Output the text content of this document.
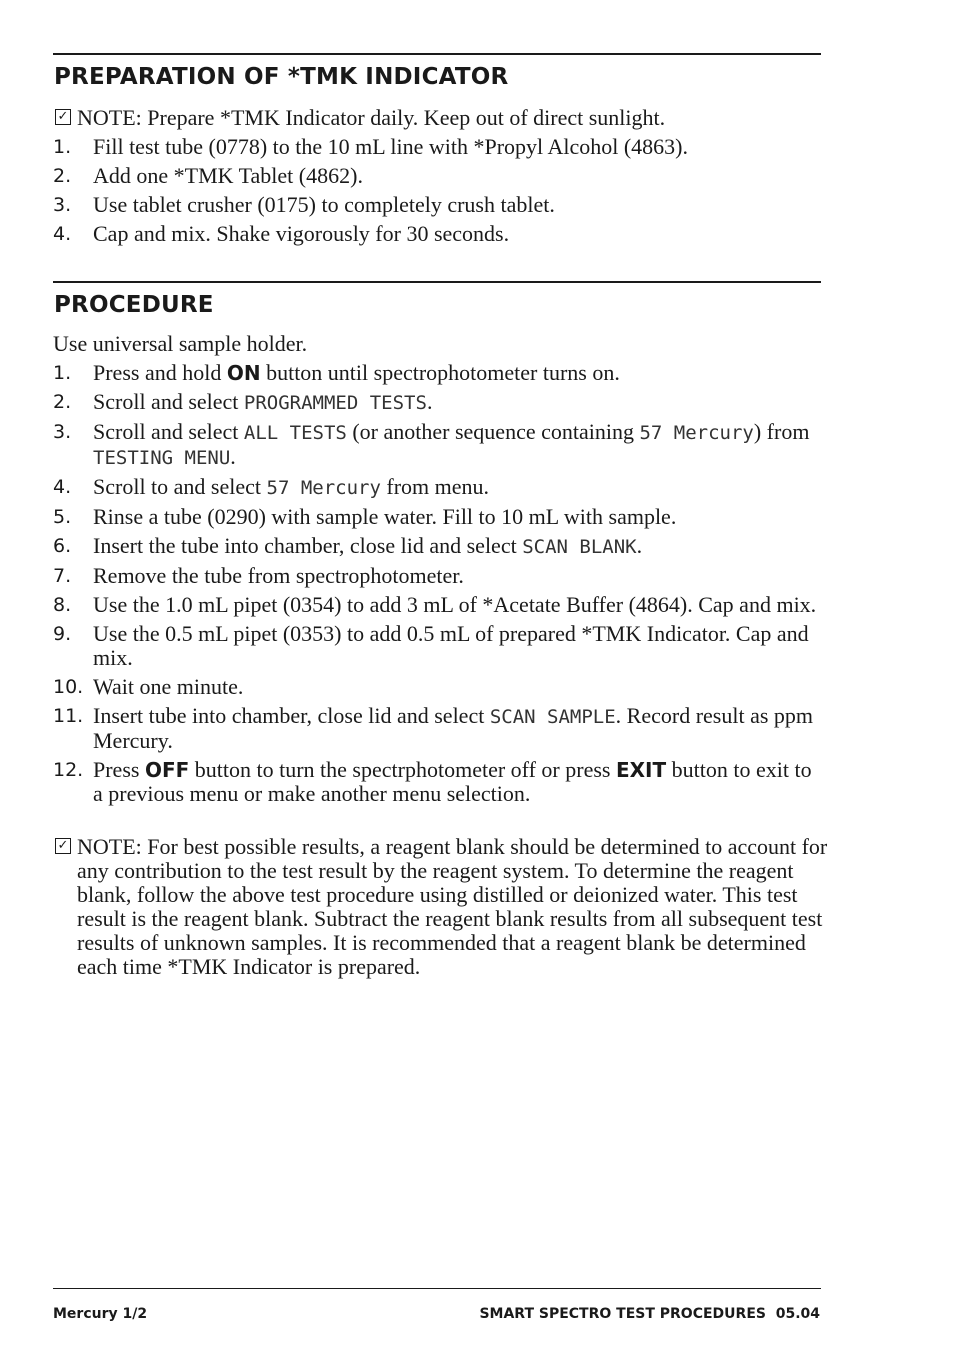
PREPARATION OF *TMK INDICATOR
✓ NOTE: Prepare *TMK Indicator daily. Keep out of direct sunlight.
1. Fill test tube (0778) to the 10 mL line with *Propyl Alcohol (4863).
2. Add one *TMK Tablet (4862).
3. Use tablet crusher (0175) to completely crush tablet.
4. Cap and mix. Shake vigorously for 30 seconds.
PROCEDURE
Use universal sample holder.
1. Press and hold ON button until spectrophotometer turns on.
2. Scroll and select PROGRAMMED TESTS.
3. Scroll and select ALL TESTS (or another sequence containing 57 Mercury) from TESTING MENU.
4. Scroll to and select 57 Mercury from menu.
5. Rinse a tube (0290) with sample water. Fill to 10 mL with sample.
6. Insert the tube into chamber, close lid and select SCAN BLANK.
7. Remove the tube from spectrophotometer.
8. Use the 1.0 mL pipet (0354) to add 3 mL of *Acetate Buffer (4864). Cap and mix.
9. Use the 0.5 mL pipet (0353) to add 0.5 mL of prepared *TMK Indicator. Cap and mix.
10. Wait one minute.
11. Insert tube into chamber, close lid and select SCAN SAMPLE. Record result as ppm Mercury.
12. Press OFF button to turn the spectrphotometer off or press EXIT button to exit to a previous menu or make another menu selection.
✓ NOTE: For best possible results, a reagent blank should be determined to account for any contribution to the test result by the reagent system. To determine the reagent blank, follow the above test procedure using distilled or deionized water. This test result is the reagent blank. Subtract the reagent blank results from all subsequent test results of unknown samples. It is recommended that a reagent blank be determined each time *TMK Indicator is prepared.
Mercury 1/2	SMART SPECTRO TEST PROCEDURES  05.04
